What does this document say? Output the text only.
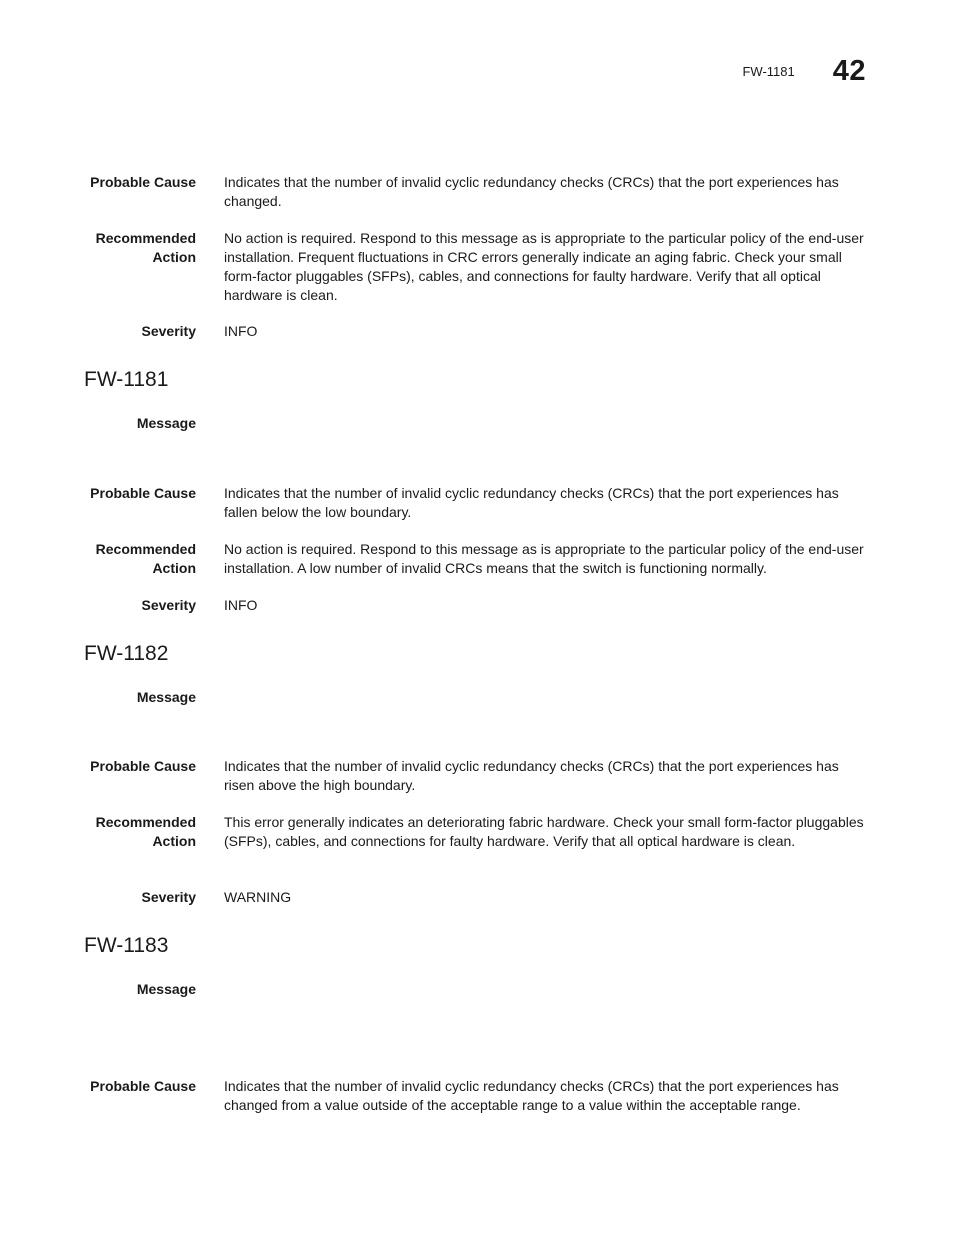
FW-1181 42
Probable Cause Indicates that the number of invalid cyclic redundancy checks (CRCs) that the port experiences has changed.
Recommended
Action
No action is required. Respond to this message as is appropriate to the particular policy of the end-user installation. Frequent fluctuations in CRC errors generally indicate an aging fabric. Check your small form-factor pluggables (SFPs), cables, and connections for faulty hardware. Verify that all optical hardware is clean.
Severity INFO
FW-1181
Message
Probable Cause Indicates that the number of invalid cyclic redundancy checks (CRCs) that the port experiences has fallen below the low boundary.
Recommended
Action
No action is required. Respond to this message as is appropriate to the particular policy of the end-user installation. A low number of invalid CRCs means that the switch is functioning normally.
Severity INFO
FW-1182
Message
Probable Cause Indicates that the number of invalid cyclic redundancy checks (CRCs) that the port experiences has risen above the high boundary.
Recommended
Action
This error generally indicates an deteriorating fabric hardware. Check your small form-factor pluggables (SFPs), cables, and connections for faulty hardware. Verify that all optical hardware is clean.
Severity WARNING
FW-1183
Message
Probable Cause Indicates that the number of invalid cyclic redundancy checks (CRCs) that the port experiences has changed from a value outside of the acceptable range to a value within the acceptable range.
